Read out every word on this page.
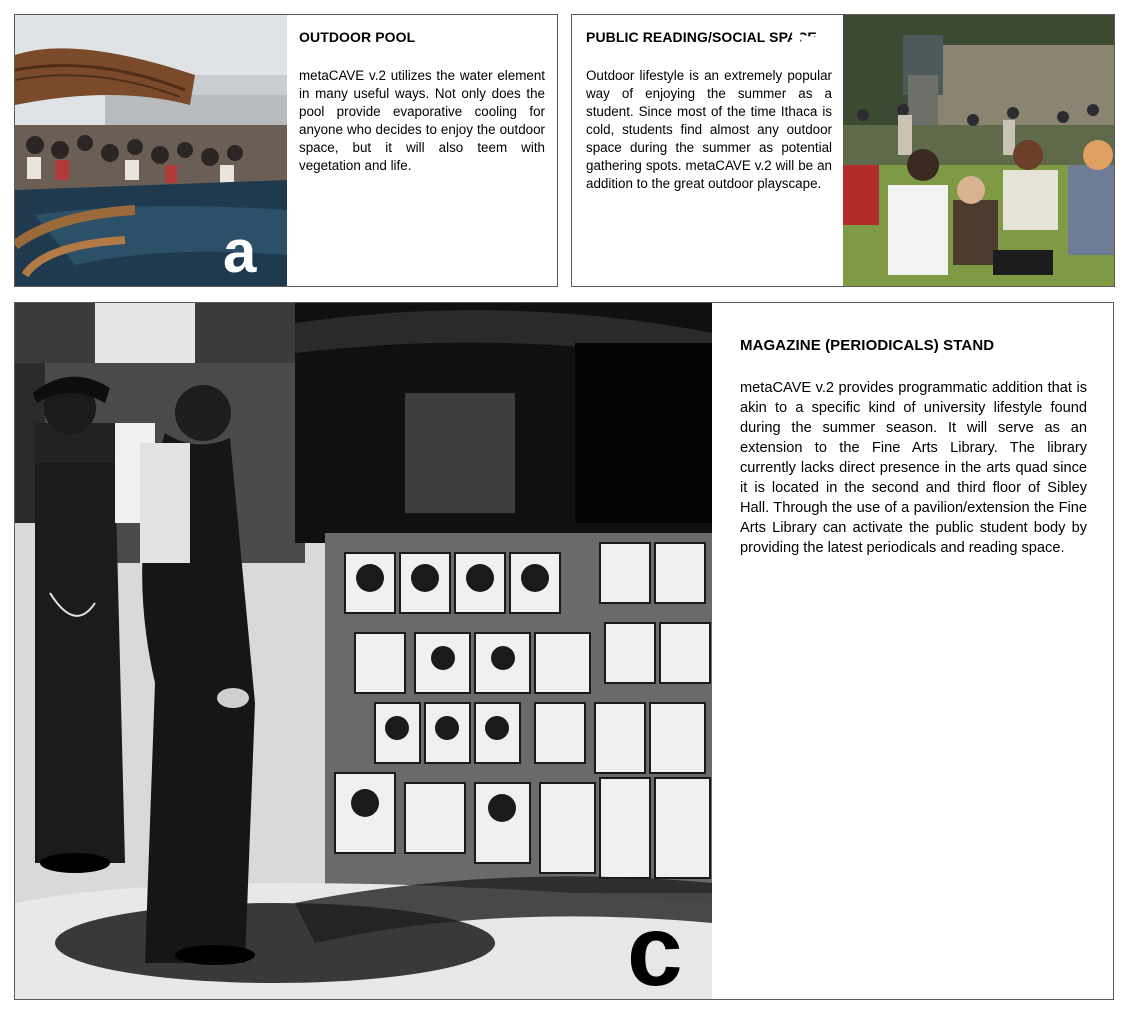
a
OUTDOOR POOL
metaCAVE v.2 utilizes the water element in many useful ways. Not only does the pool provide evaporative cooling for anyone who decides to enjoy the outdoor space, but it will also teem with vegetation and life.
PUBLIC READING/SOCIAL SPACE
Outdoor lifestyle is an extremely popular way of enjoying the summer as a student. Since most of the time Ithaca is cold, students find almost any outdoor space during the summer as potential gathering spots. metaCAVE v.2 will be an addition to the great outdoor playscape.
b
c
MAGAZINE (PERIODICALS) STAND
metaCAVE v.2 provides programmatic addition that is akin to a specific kind of university lifestyle found during the summer season. It will serve as an extension to the Fine Arts Library. The library currently lacks direct presence in the arts quad since it is located in the second and third floor of Sibley Hall. Through the use of a pavilion/extension the Fine Arts Library can activate the public student body by providing the latest periodicals and reading space.
